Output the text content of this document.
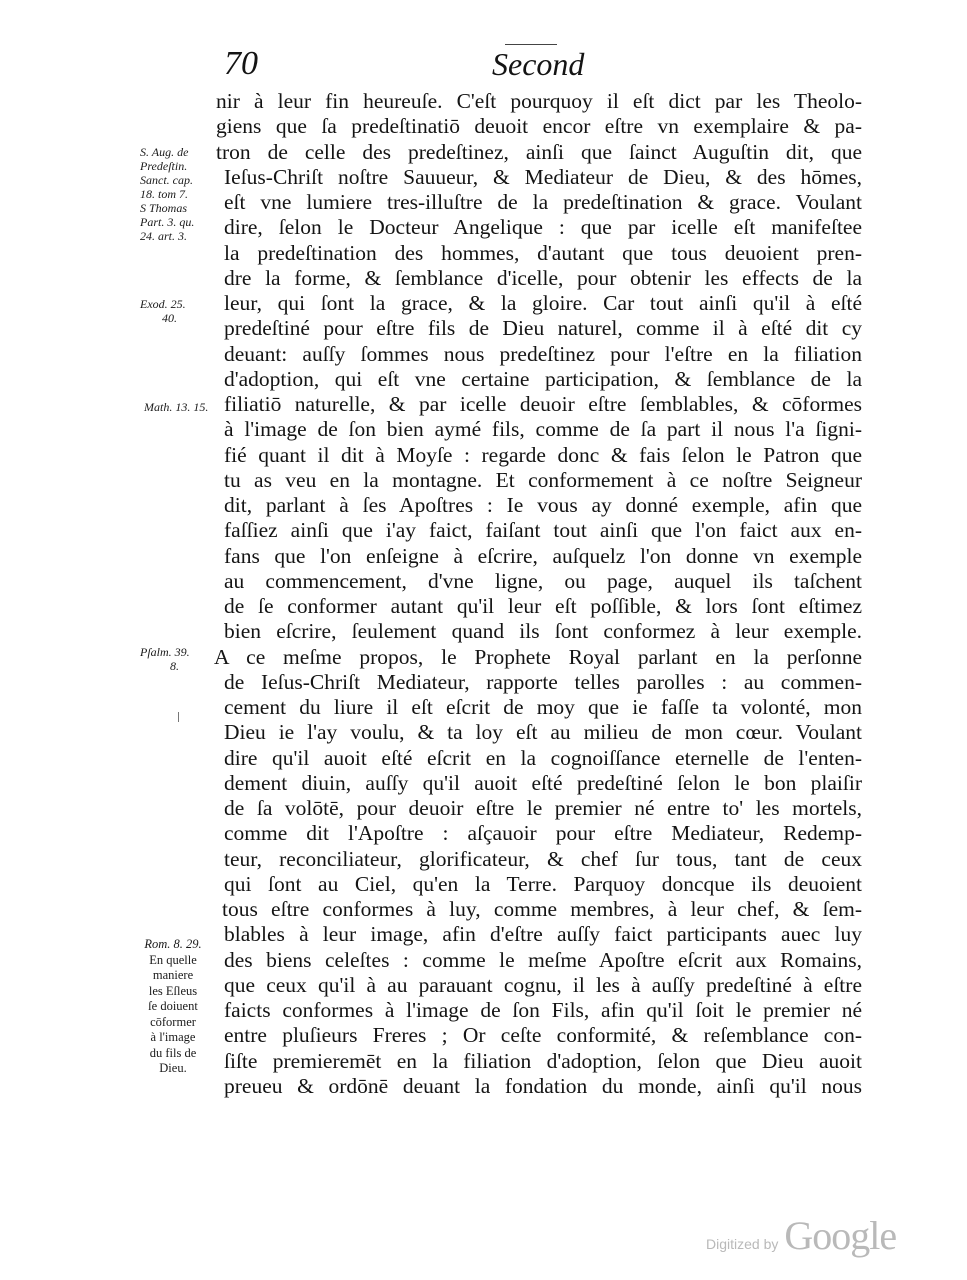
70	Second
S. Aug. de
Predeſtin.
Sanct. cap.
18. tom 7.
S Thomas
Part. 3. qu.
24. art. 3.
Exod. 25.
40.
Math. 13. 15.
Pſalm. 39.
8.
Rom. 8. 29.
En quelle
maniere
les Eſleus
ſe doiuent
cōformer
à l'image
du fils de
Dieu.
nir à leur fin heureuſe. C'eſt pourquoy il eſt dict par les Theolo-
giens que ſa predeſtinatiō deuoit encor eſtre vn exemplaire & pa-
tron de celle des predeſtinez, ainſi que ſainct Auguſtin dit, que
Ieſus-Chriſt noſtre Sauueur, & Mediateur de Dieu, & des hōmes,
eſt vne lumiere tres-illuſtre de la predeſtination & grace. Voulant
dire, ſelon le Docteur Angelique : que par icelle eſt manifeſtee
la predeſtination des hommes, d'autant que tous deuoient pren-
dre la forme, & ſemblance d'icelle, pour obtenir les effects de la
leur, qui ſont la grace, & la gloire. Car tout ainſi qu'il à eſté
predeſtiné pour eſtre fils de Dieu naturel, comme il à eſté dit cy
deuant: auſſy ſommes nous predeſtinez pour l'eſtre en la filiation
d'adoption, qui eſt vne certaine participation, & ſemblance de la
filiatiō naturelle, & par icelle deuoir eſtre ſemblables, & cōformes
à l'image de ſon bien aymé fils, comme de ſa part il nous l'a ſigni-
fié quant il dit à Moyſe : regarde donc & fais ſelon le Patron que
tu as veu en la montagne. Et conformement à ce noſtre Seigneur
dit, parlant à ſes Apoſtres : Ie vous ay donné exemple, afin que
faſſiez ainſi que i'ay faict, faiſant tout ainſi que l'on faict aux en-
fans que l'on enſeigne à eſcrire, auſquelz l'on donne vn exemple
au commencement, d'vne ligne, ou page, auquel ils taſchent
de ſe conformer autant qu'il leur eſt poſſible, & lors ſont eſtimez
bien eſcrire, ſeulement quand ils ſont conformez à leur exemple.
A ce meſme propos, le Prophete Royal parlant en la perſonne
de Ieſus-Chriſt Mediateur, rapporte telles parolles : au commen-
cement du liure il eſt eſcrit de moy que ie faſſe ta volonté, mon
Dieu ie l'ay voulu, & ta loy eſt au milieu de mon cœur. Voulant
dire qu'il auoit eſté eſcrit en la cognoiſſance eternelle de l'enten-
dement diuin, auſſy qu'il auoit eſté predeſtiné ſelon le bon plaiſir
de ſa volōtē, pour deuoir eſtre le premier né entre to' les mortels,
comme dit l'Apoſtre : aſçauoir pour eſtre Mediateur, Redemp-
teur, reconciliateur, glorificateur, & chef ſur tous, tant de ceux
qui ſont au Ciel, qu'en la Terre. Parquoy doncque ils deuoient
tous eſtre conformes à luy, comme membres, à leur chef, & ſem-
blables à leur image, afin d'eſtre auſſy faict participants auec luy
des biens celeſtes : comme le meſme Apoſtre eſcrit aux Romains,
que ceux qu'il à au parauant cognu, il les à auſſy predeſtiné à eſtre
faicts conformes à l'image de ſon Fils, afin qu'il ſoit le premier né
entre pluſieurs Freres ; Or ceſte conformité, & reſemblance con-
ſiſte premieremēt en la filiation d'adoption, ſelon que Dieu auoit
preueu & ordōnē deuant la fondation du monde, ainſi qu'il nous
Digitized by Google
